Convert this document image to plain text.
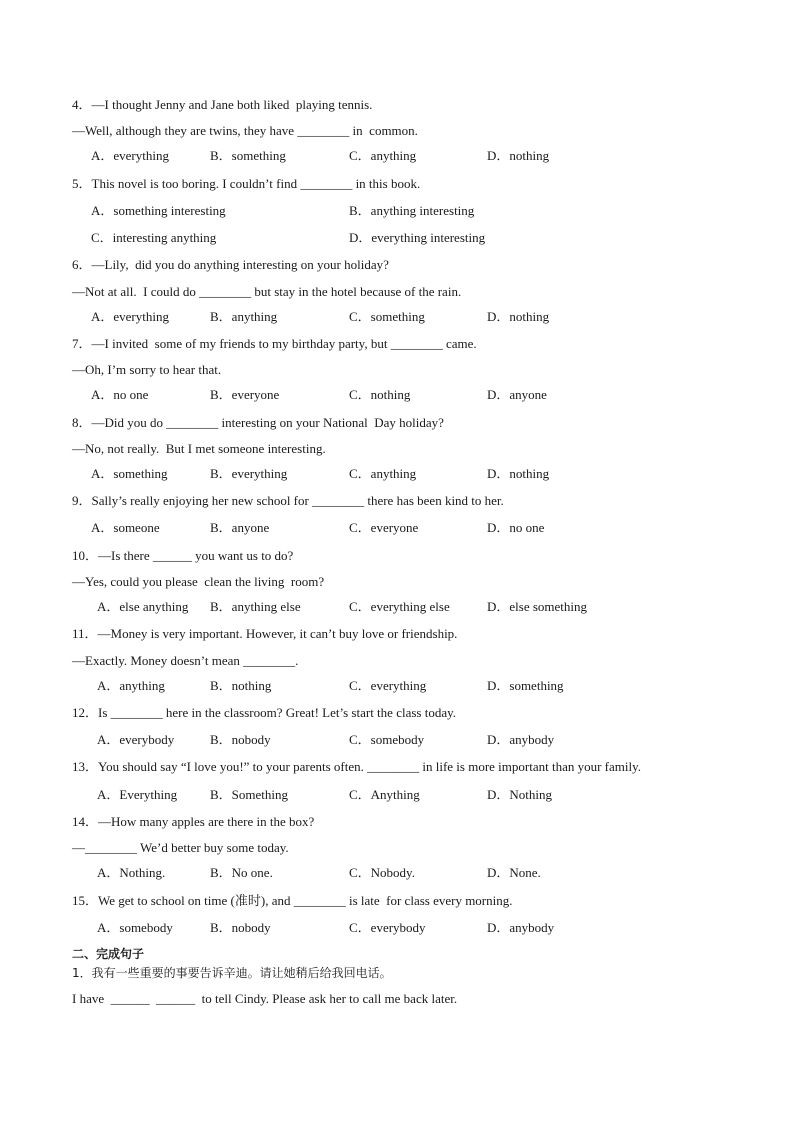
4．—I thought Jenny and Jane both liked  playing tennis.
—Well, although they are twins, they have ________ in  common.
A．everything	B．something	C．anything	D．nothing
5．This novel is too boring. I couldn’t find ________ in this book.
A．something interesting	B．anything interesting
C．interesting anything	D．everything interesting
6．—Lily,  did you do anything interesting on your holiday?
—Not at all.  I could do ________ but stay in the hotel because of the rain.
A．everything	B．anything	C．something	D．nothing
7．—I invited  some of my friends to my birthday party, but ________ came.
—Oh, I’m sorry to hear that.
A．no one	B．everyone	C．nothing	D．anyone
8．—Did you do ________ interesting on your National  Day holiday?
—No, not really.  But I met someone interesting.
A．something	B．everything	C．anything	D．nothing
9．Sally’s really enjoying her new school for ________ there has been kind to her.
A．someone	B．anyone	C．everyone	D．no one
10．—Is there ______ you want us to do?
—Yes, could you please  clean the living  room?
A．else anything B．anything else	C．everything else	D．else something
11．—Money is very important. However, it can’t buy love or friendship.
—Exactly. Money doesn’t mean ________.
A．anything	B．nothing	C．everything	D．something
12．Is ________ here in the classroom? Great! Let’s start the class today.
A．everybody	B．nobody	C．somebody	D．anybody
13．You should say “I love you!” to your parents often. ________ in life is more important than your family.
A．Everything	B．Something	C．Anything	D．Nothing
14．—How many apples are there in the box?
—________ We’d better buy some today.
A．Nothing.	B．No one.	C．Nobody.	D．None.
15．We get to school on time (准时), and ________ is late  for class every morning.
A．somebody	B．nobody	C．everybody	D．anybody
二、完成句子
1．我有一些重要的事要告诉辛迪。请让她稍后给我回电话。
I have  ______  ______  to tell Cindy. Please ask her to call me back later.
